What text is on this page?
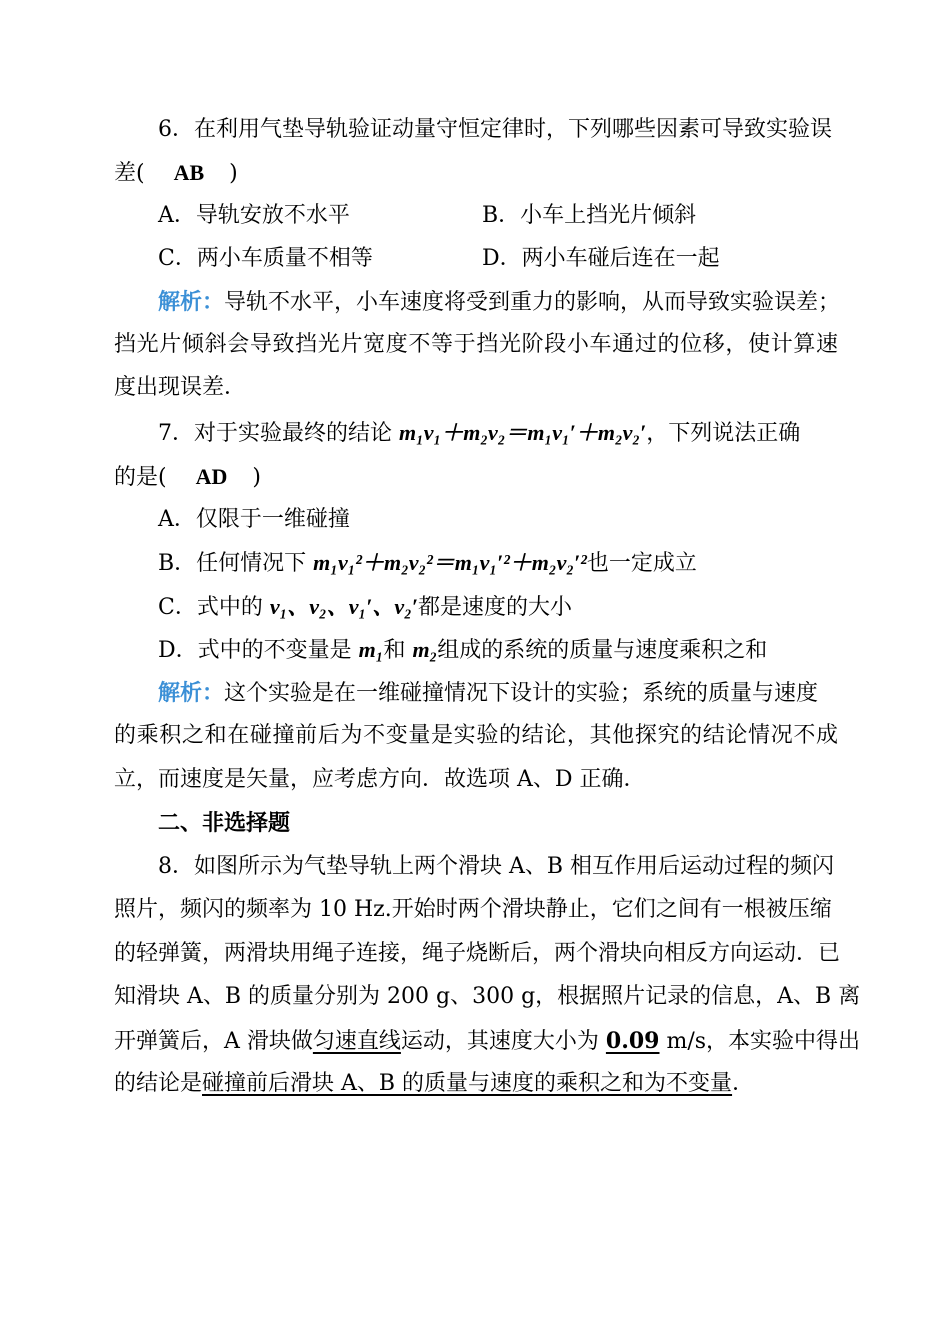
6．在利用气垫导轨验证动量守恒定律时，下列哪些因素可导致实验误
差( AB )
A．导轨安放不水平	B．小车上挡光片倾斜
C．两小车质量不相等	D．两小车碰后连在一起
解析：导轨不水平，小车速度将受到重力的影响，从而导致实验误差；
挡光片倾斜会导致挡光片宽度不等于挡光阶段小车通过的位移，使计算速
度出现误差．
7．对于实验最终的结论 m₁v₁＋m₂v₂＝m₁v₁′＋m₂v₂′，下列说法正确
的是( AD )
A．仅限于一维碰撞
B．任何情况下 m₁v₁²＋m₂v₂²＝m₁v₁′²＋m₂v₂′²也一定成立
C．式中的 v₁、v₂、v₁′、v₂′都是速度的大小
D．式中的不变量是 m₁和 m₂组成的系统的质量与速度乘积之和
解析：这个实验是在一维碰撞情况下设计的实验；系统的质量与速度
的乘积之和在碰撞前后为不变量是实验的结论，其他探究的结论情况不成
立，而速度是矢量，应考虑方向．故选项 A、D 正确．
二、非选择题
8．如图所示为气垫导轨上两个滑块 A、B 相互作用后运动过程的频闪
照片，频闪的频率为 10 Hz.开始时两个滑块静止，它们之间有一根被压缩
的轻弹簧，两滑块用绳子连接，绳子烧断后，两个滑块向相反方向运动．已
知滑块 A、B 的质量分别为 200 g、300 g，根据照片记录的信息，A、B 离
开弹簧后，A 滑块做匀速直线运动，其速度大小为 0.09 m/s，本实验中得出
的结论是碰撞前后滑块 A、B 的质量与速度的乘积之和为不变量．
